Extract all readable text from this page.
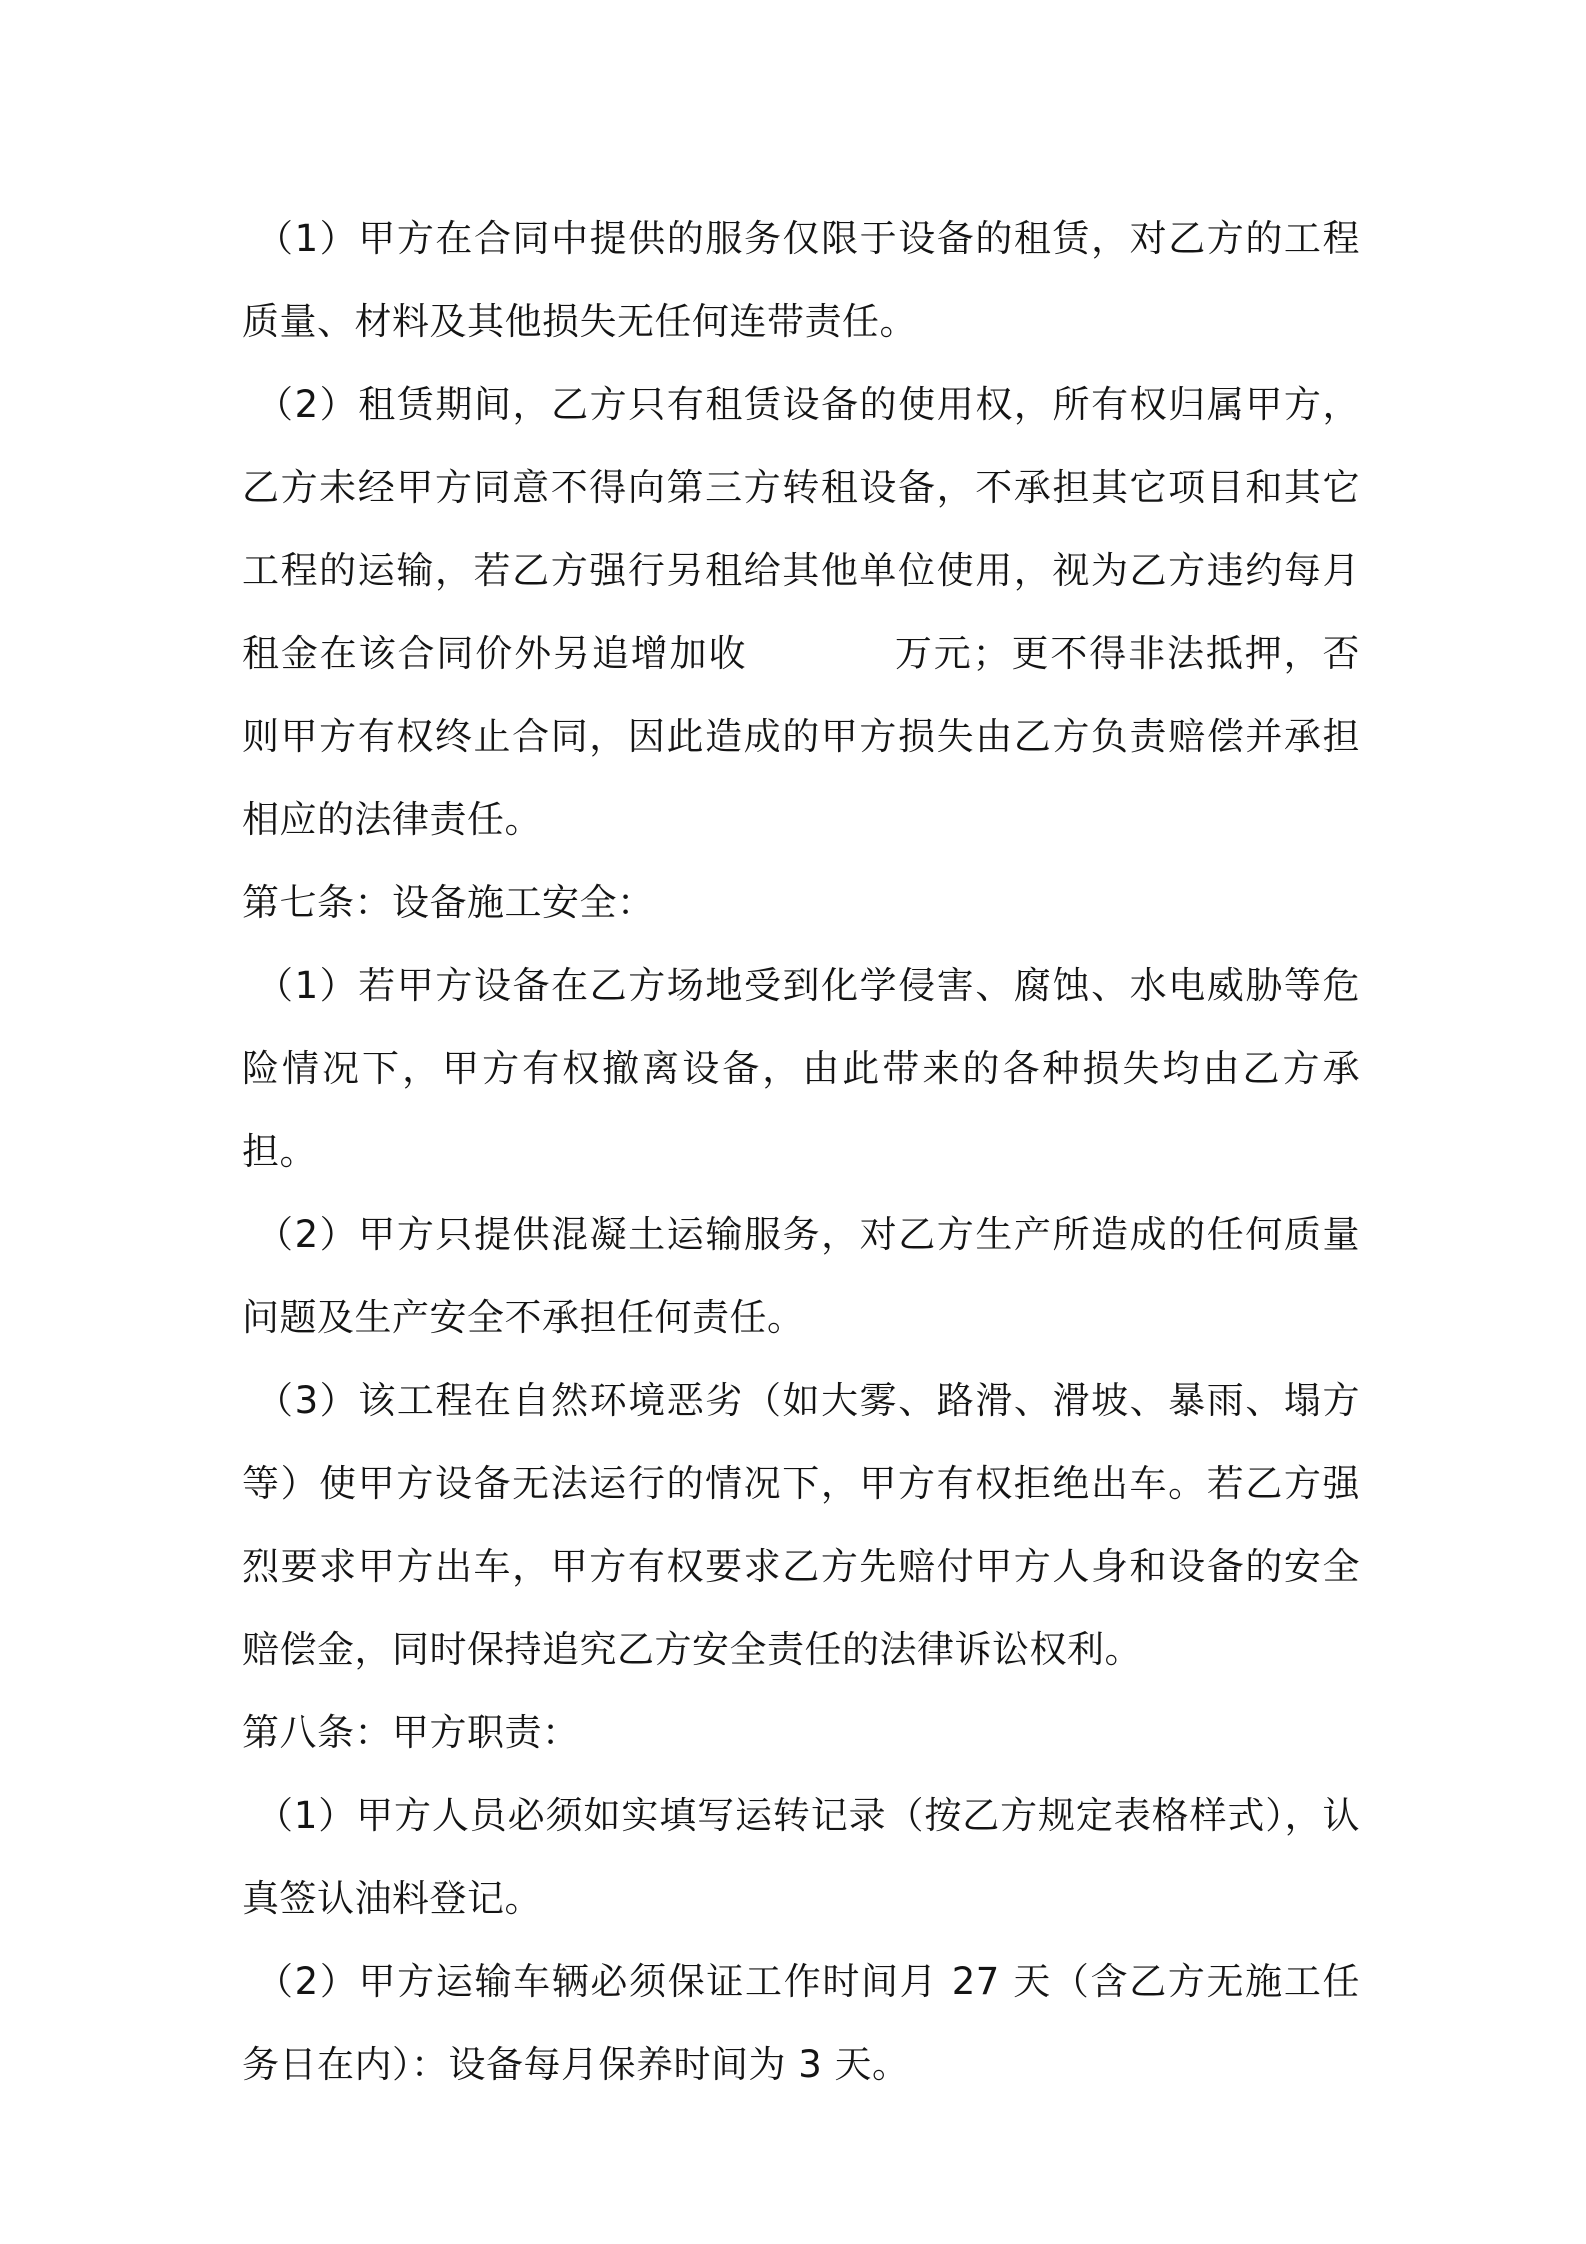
（1）甲方在合同中提供的服务仅限于设备的租赁，对乙方的工程质量、材料及其他损失无任何连带责任。

（2）租赁期间，乙方只有租赁设备的使用权，所有权归属甲方，乙方未经甲方同意不得向第三方转租设备，不承担其它项目和其它工程的运输，若乙方强行另租给其他单位使用，视为乙方违约每月租金在该合同价外另追增加收	万元；更不得非法抵押，否则甲方有权终止合同，因此造成的甲方损失由乙方负责赔偿并承担相应的法律责任。

第七条：设备施工安全：

（1）若甲方设备在乙方场地受到化学侵害、腐蚀、水电威胁等危险情况下，甲方有权撤离设备，由此带来的各种损失均由乙方承担。

（2）甲方只提供混凝土运输服务，对乙方生产所造成的任何质量问题及生产安全不承担任何责任。

（3）该工程在自然环境恶劣（如大雾、路滑、滑坡、暴雨、塌方等）使甲方设备无法运行的情况下，甲方有权拒绝出车。若乙方强烈要求甲方出车，甲方有权要求乙方先赔付甲方人身和设备的安全赔偿金，同时保持追究乙方安全责任的法律诉讼权利。

第八条：甲方职责：

（1）甲方人员必须如实填写运转记录（按乙方规定表格样式），认真签认油料登记。

（2）甲方运输车辆必须保证工作时间月 27 天（含乙方无施工任务日在内）：设备每月保养时间为 3 天。
